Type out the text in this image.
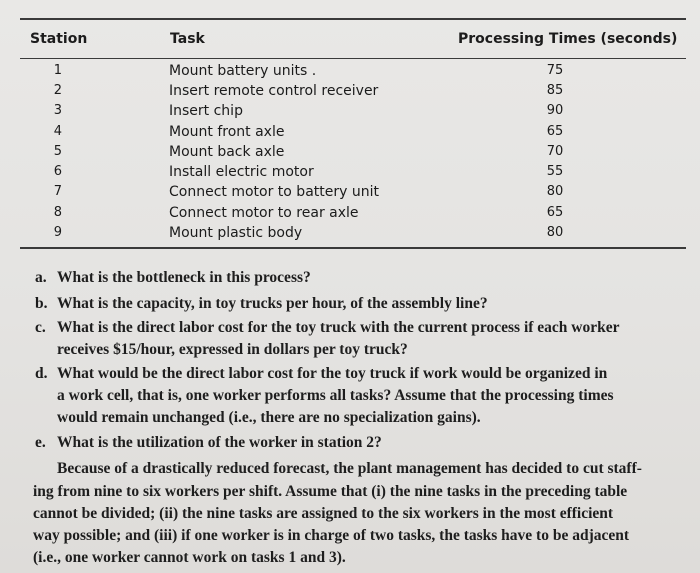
Station	Task	Processing Times (seconds)
1	Mount battery units .	75
2	Insert remote control receiver	85
3	Insert chip	90
4	Mount front axle	65
5	Mount back axle	70
6	Install electric motor	55
7	Connect motor to battery unit	80
8	Connect motor to rear axle	65
9	Mount plastic body	80
a. What is the bottleneck in this process?
b. What is the capacity, in toy trucks per hour, of the assembly line?
c. What is the direct labor cost for the toy truck with the current process if each worker
receives $15/hour, expressed in dollars per toy truck?
d. What would be the direct labor cost for the toy truck if work would be organized in
a work cell, that is, one worker performs all tasks? Assume that the processing times
would remain unchanged (i.e., there are no specialization gains).
e. What is the utilization of the worker in station 2?
Because of a drastically reduced forecast, the plant management has decided to cut staff-
ing from nine to six workers per shift. Assume that (i) the nine tasks in the preceding table
cannot be divided; (ii) the nine tasks are assigned to the six workers in the most efficient
way possible; and (iii) if one worker is in charge of two tasks, the tasks have to be adjacent
(i.e., one worker cannot work on tasks 1 and 3).
